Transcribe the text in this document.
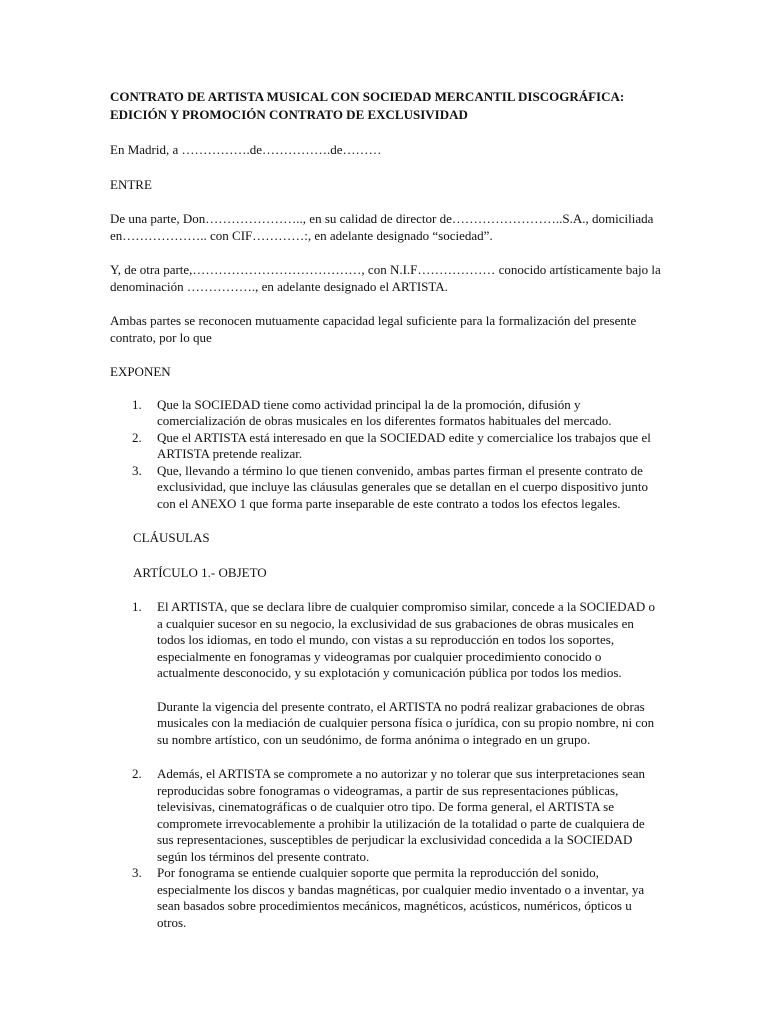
CONTRATO DE ARTISTA MUSICAL CON SOCIEDAD MERCANTIL DISCOGRÁFICA:
EDICIÓN Y PROMOCIÓN CONTRATO DE EXCLUSIVIDAD

En Madrid, a …………….de…………….de………

ENTRE

De una parte, Don………………….., en su calidad de director de……………………..S.A., domiciliada en……………….. con CIF…………:, en adelante designado “sociedad”.

Y, de otra parte,…………………………………, con N.I.F……………… conocido artísticamente bajo la denominación ……………., en adelante designado el ARTISTA.

Ambas partes se reconocen mutuamente capacidad legal suficiente para la formalización del presente contrato, por lo que

EXPONEN

1. Que la SOCIEDAD tiene como actividad principal la de la promoción, difusión y comercialización de obras musicales en los diferentes formatos habituales del mercado.
2. Que el ARTISTA está interesado en que la SOCIEDAD edite y comercialice los trabajos que el ARTISTA pretende realizar.
3. Que, llevando a término lo que tienen convenido, ambas partes firman el presente contrato de exclusividad, que incluye las cláusulas generales que se detallan en el cuerpo dispositivo junto con el ANEXO 1 que forma parte inseparable de este contrato a todos los efectos legales.

CLÁUSULAS

ARTÍCULO 1.- OBJETO

1. El ARTISTA, que se declara libre de cualquier compromiso similar, concede a la SOCIEDAD o a cualquier sucesor en su negocio, la exclusividad de sus grabaciones de obras musicales en todos los idiomas, en todo el mundo, con vistas a su reproducción en todos los soportes, especialmente en fonogramas y videogramas por cualquier procedimiento conocido o actualmente desconocido, y su explotación y comunicación pública por todos los medios.

Durante la vigencia del presente contrato, el ARTISTA no podrá realizar grabaciones de obras musicales con la mediación de cualquier persona física o jurídica, con su propio nombre, ni con su nombre artístico, con un seudónimo, de forma anónima o integrado en un grupo.

2. Además, el ARTISTA se compromete a no autorizar y no tolerar que sus interpretaciones sean reproducidas sobre fonogramas o videogramas, a partir de sus representaciones públicas, televisivas, cinematográficas o de cualquier otro tipo. De forma general, el ARTISTA se compromete irrevocablemente a prohibir la utilización de la totalidad o parte de cualquiera de sus representaciones, susceptibles de perjudicar la exclusividad concedida a la SOCIEDAD según los términos del presente contrato.
3. Por fonograma se entiende cualquier soporte que permita la reproducción del sonido, especialmente los discos y bandas magnéticas, por cualquier medio inventado o a inventar, ya sean basados sobre procedimientos mecánicos, magnéticos, acústicos, numéricos, ópticos u otros.
